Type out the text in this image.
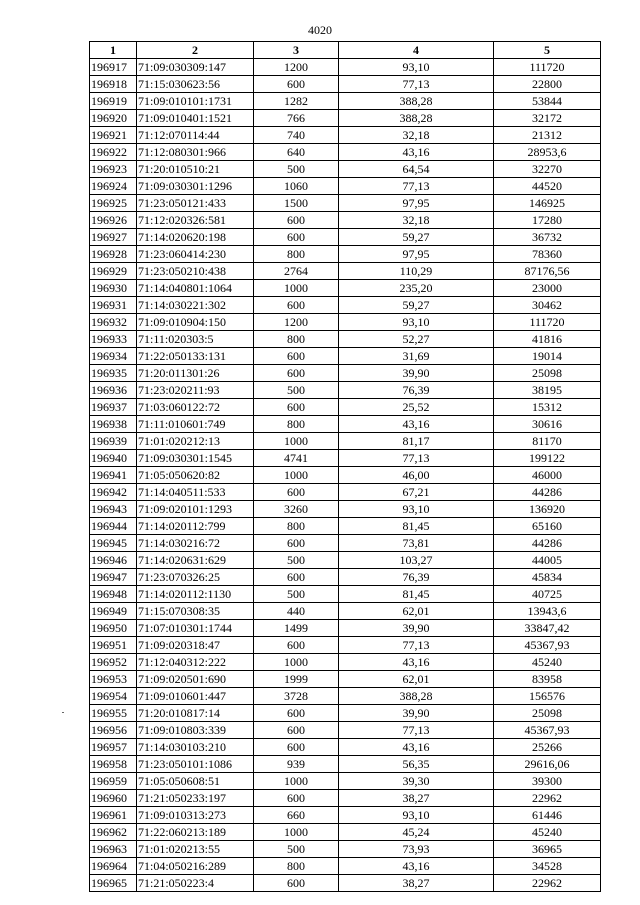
4020
1	2	3	4	5
196917	71:09:030309:147	1200	93,10	111720
196918	71:15:030623:56	600	77,13	22800
196919	71:09:010101:1731	1282	388,28	53844
196920	71:09:010401:1521	766	388,28	32172
196921	71:12:070114:44	740	32,18	21312
196922	71:12:080301:966	640	43,16	28953,6
196923	71:20:010510:21	500	64,54	32270
196924	71:09:030301:1296	1060	77,13	44520
196925	71:23:050121:433	1500	97,95	146925
196926	71:12:020326:581	600	32,18	17280
196927	71:14:020620:198	600	59,27	36732
196928	71:23:060414:230	800	97,95	78360
196929	71:23:050210:438	2764	110,29	87176,56
196930	71:14:040801:1064	1000	235,20	23000
196931	71:14:030221:302	600	59,27	30462
196932	71:09:010904:150	1200	93,10	111720
196933	71:11:020303:5	800	52,27	41816
196934	71:22:050133:131	600	31,69	19014
196935	71:20:011301:26	600	39,90	25098
196936	71:23:020211:93	500	76,39	38195
196937	71:03:060122:72	600	25,52	15312
196938	71:11:010601:749	800	43,16	30616
196939	71:01:020212:13	1000	81,17	81170
196940	71:09:030301:1545	4741	77,13	199122
196941	71:05:050620:82	1000	46,00	46000
196942	71:14:040511:533	600	67,21	44286
196943	71:09:020101:1293	3260	93,10	136920
196944	71:14:020112:799	800	81,45	65160
196945	71:14:030216:72	600	73,81	44286
196946	71:14:020631:629	500	103,27	44005
196947	71:23:070326:25	600	76,39	45834
196948	71:14:020112:1130	500	81,45	40725
196949	71:15:070308:35	440	62,01	13943,6
196950	71:07:010301:1744	1499	39,90	33847,42
196951	71:09:020318:47	600	77,13	45367,93
196952	71:12:040312:222	1000	43,16	45240
196953	71:09:020501:690	1999	62,01	83958
196954	71:09:010601:447	3728	388,28	156576
196955	71:20:010817:14	600	39,90	25098
196956	71:09:010803:339	600	77,13	45367,93
196957	71:14:030103:210	600	43,16	25266
196958	71:23:050101:1086	939	56,35	29616,06
196959	71:05:050608:51	1000	39,30	39300
196960	71:21:050233:197	600	38,27	22962
196961	71:09:010313:273	660	93,10	61446
196962	71:22:060213:189	1000	45,24	45240
196963	71:01:020213:55	500	73,93	36965
196964	71:04:050216:289	800	43,16	34528
196965	71:21:050223:4	600	38,27	22962
